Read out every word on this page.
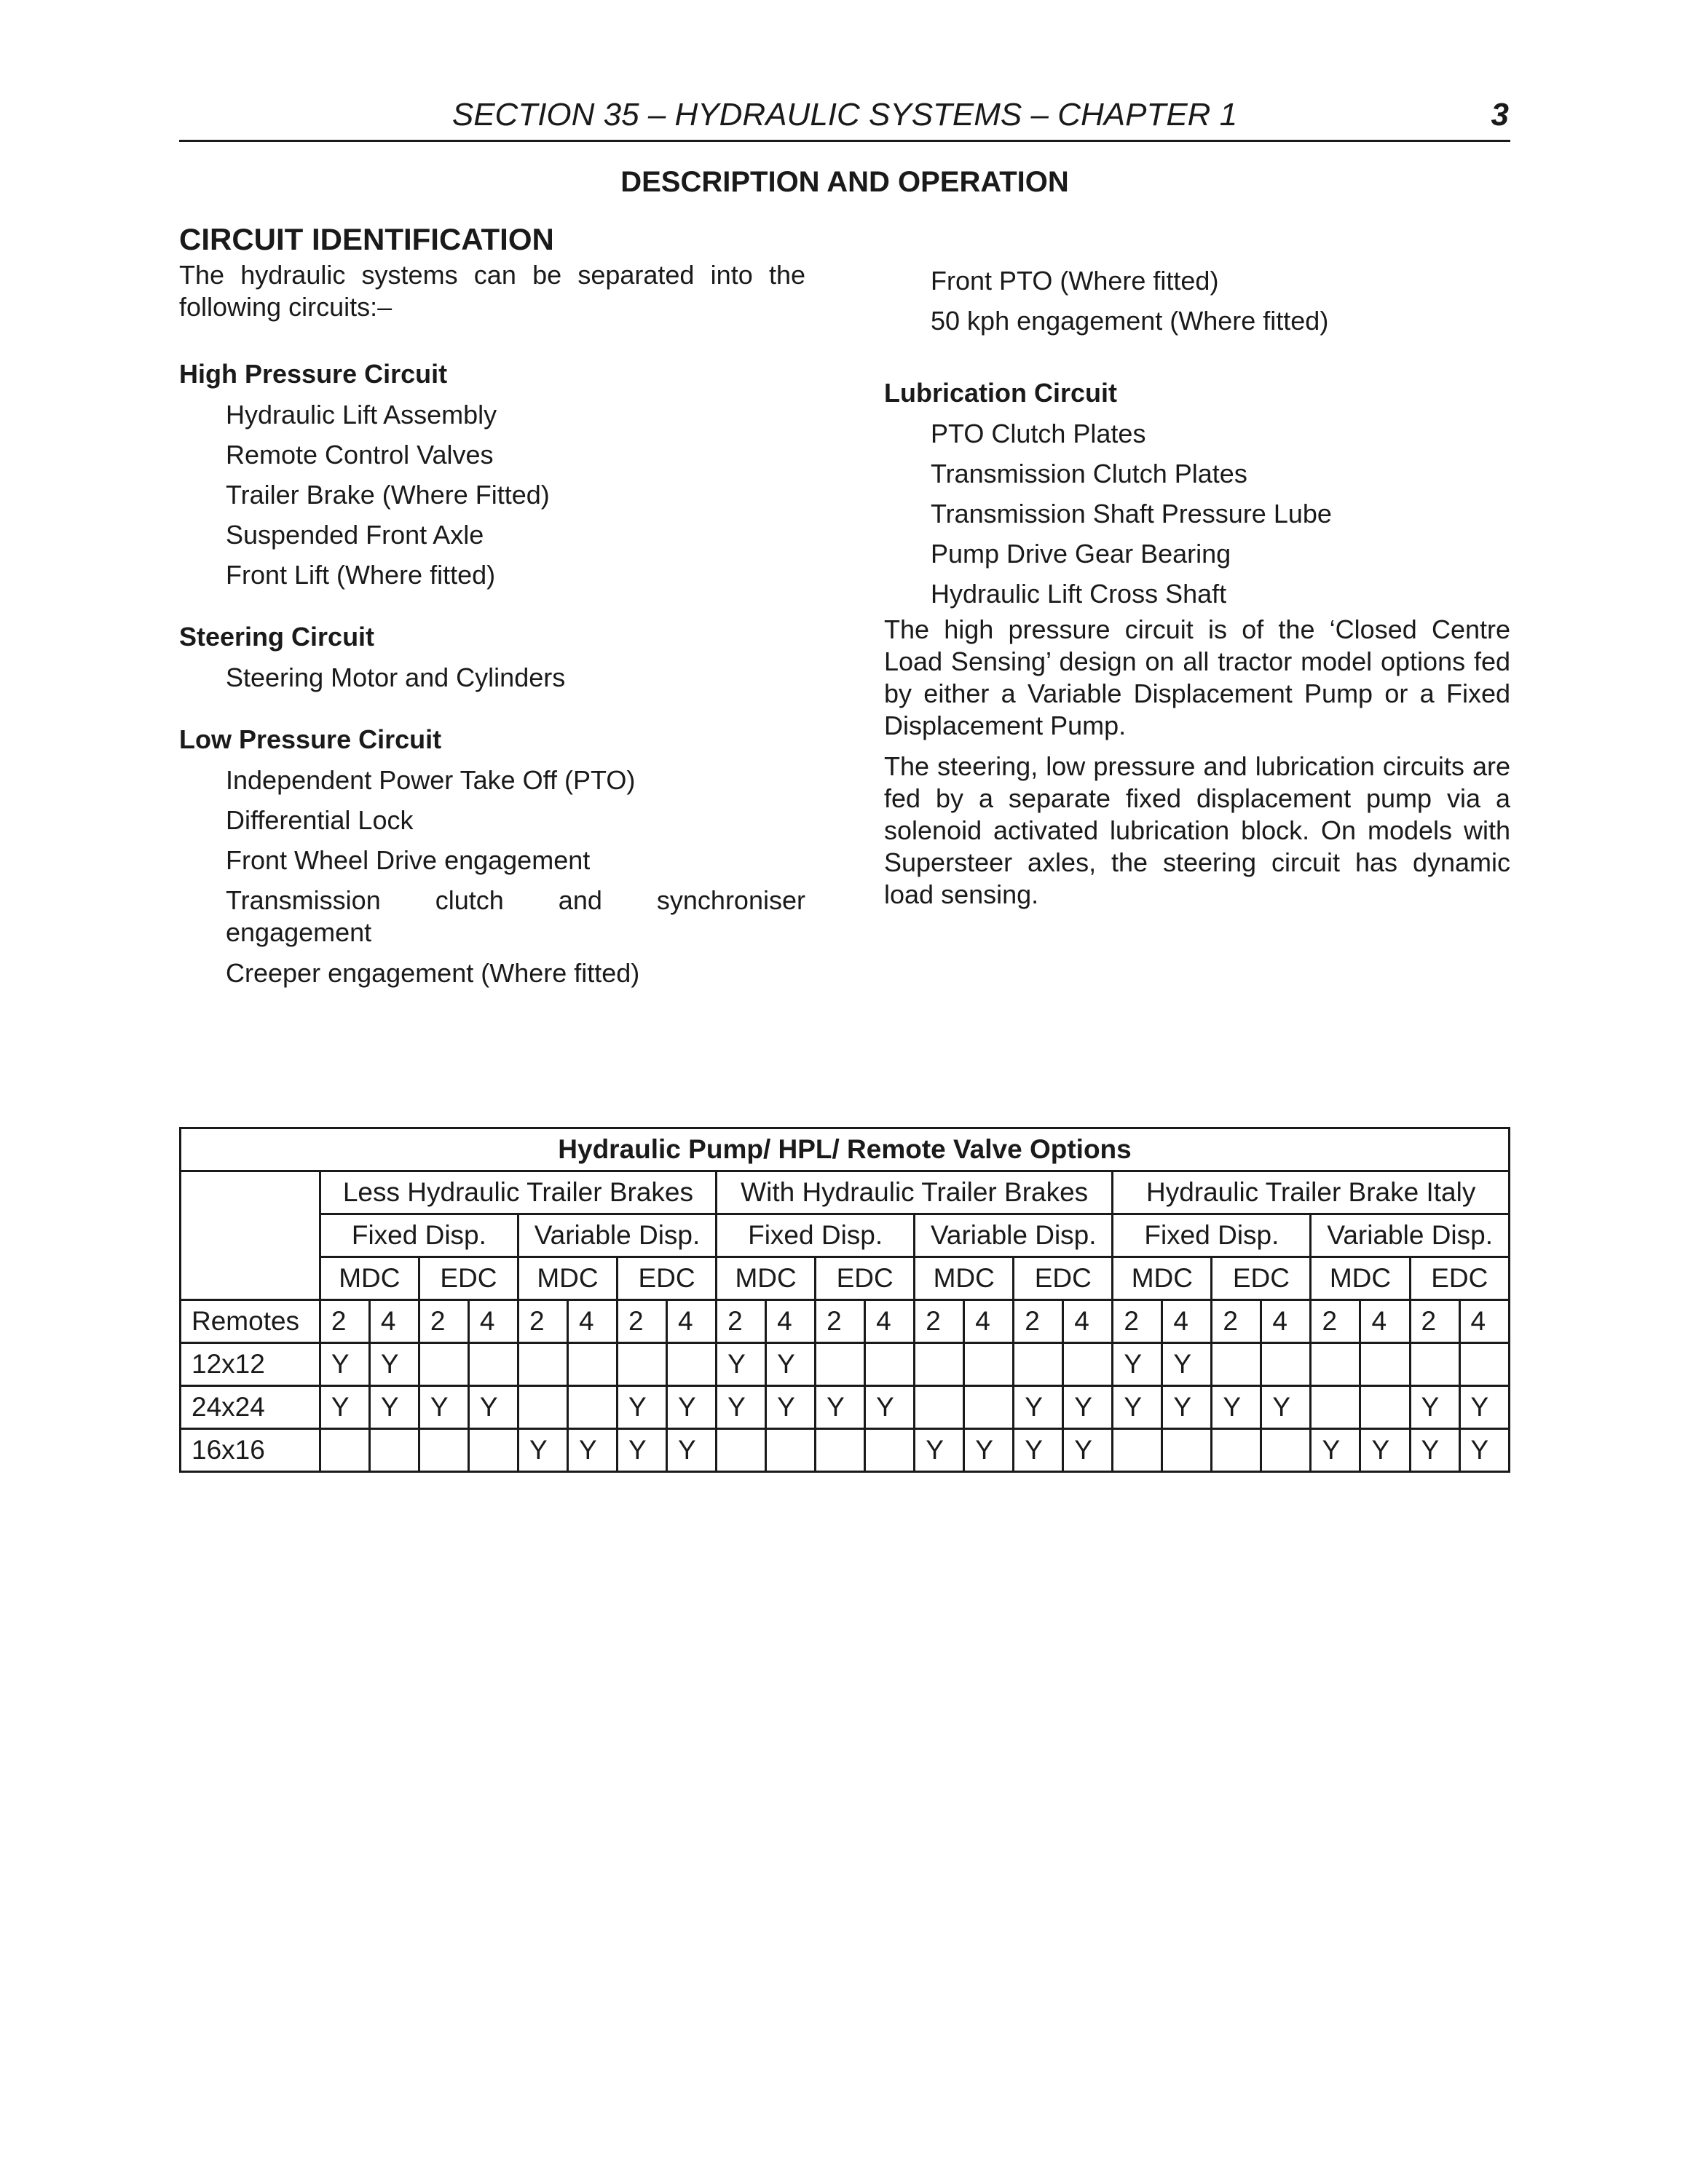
SECTION 35 – HYDRAULIC SYSTEMS – CHAPTER 1	3
DESCRIPTION AND OPERATION
CIRCUIT IDENTIFICATION

The hydraulic systems can be separated into the following circuits:–

High Pressure Circuit

Hydraulic Lift Assembly
Remote Control Valves
Trailer Brake (Where Fitted)
Suspended Front Axle
Front Lift (Where fitted)

Steering Circuit

Steering Motor and Cylinders

Low Pressure Circuit

Independent Power Take Off (PTO)
Differential Lock
Front Wheel Drive engagement
Transmission clutch and synchroniser engagement
Creeper engagement (Where fitted)
Front PTO (Where fitted)
50 kph engagement (Where fitted)

Lubrication Circuit

PTO Clutch Plates
Transmission Clutch Plates
Transmission Shaft Pressure Lube
Pump Drive Gear Bearing
Hydraulic Lift Cross Shaft

The high pressure circuit is of the ‘Closed Centre Load Sensing’ design on all tractor model options fed by either a Variable Displacement Pump or a Fixed Displacement Pump.

The steering, low pressure and lubrication circuits are fed by a separate fixed displacement pump via a solenoid activated lubrication block. On models with Supersteer axles, the steering circuit has dynamic load sensing.

Hydraulic Pump/ HPL/ Remote Valve Options																								
	Less Hydraulic Trailer Brakes								With Hydraulic Trailer Brakes								Hydraulic Trailer Brake Italy							
	Fixed Disp.				Variable Disp.				Fixed Disp.				Variable Disp.				Fixed Disp.				Variable Disp.			
	MDC		EDC		MDC		EDC		MDC		EDC		MDC		EDC		MDC		EDC		MDC		EDC	
Remotes	2	4	2	4	2	4	2	4	2	4	2	4	2	4	2	4	2	4	2	4	2	4	2	4
12x12	Y	Y							Y	Y							Y	Y						
24x24	Y	Y	Y	Y			Y	Y	Y	Y	Y	Y			Y	Y	Y	Y	Y	Y			Y	Y
16x16					Y	Y	Y	Y					Y	Y	Y	Y					Y	Y	Y	Y
